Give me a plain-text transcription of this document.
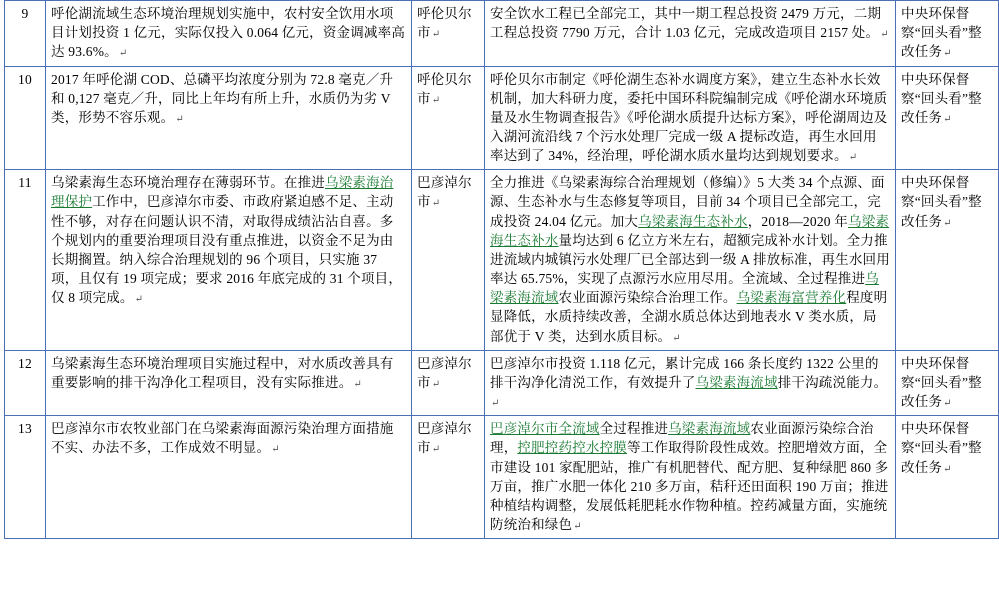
9	呼伦湖流域生态环境治理规划实施中，农村安全饮用水项目计划投资 1 亿元，实际仅投入 0.064 亿元，资金调减率高达 93.6%。 ↵	呼伦贝尔市 ↵	安全饮水工程已全部完工，其中一期工程总投资 2479 万元，二期工程总投资 7790 万元，合计 1.03 亿元，完成改造项目 2157 处。 ↵	中央环保督察“回头看”整改任务 ↵

10	2017 年呼伦湖 COD、总磷平均浓度分别为 72.8 毫克／升和 0,127 毫克／升，同比上年均有所上升，水质仍为劣 V 类，形势不容乐观。 ↵	呼伦贝尔市 ↵	呼伦贝尔市制定《呼伦湖生态补水调度方案》，建立生态补水长效机制，加大科研力度，委托中国环科院编制完成《呼伦湖水环境质量及水生物调查报告》《呼伦湖水质提升达标方案》，呼伦湖周边及入湖河流沿线 7 个污水处理厂完成一级 A 提标改造，再生水回用率达到了 34%，经治理，呼伦湖水质水量均达到规划要求。 ↵	中央环保督察“回头看”整改任务 ↵

11	乌梁素海生态环境治理存在薄弱环节。在推进乌梁素海治理保护工作中，巴彦淖尔市委、市政府紧迫感不足、主动性不够，对存在问题认识不清，对取得成绩沾沾自喜。多个规划内的重要治理项目没有重点推进，以资金不足为由长期搁置。纳入综合治理规划的 96 个项目，只实施 37 项，且仅有 19 项完成；要求 2016 年底完成的 31 个项目，仅 8 项完成。 ↵	巴彦淖尔市 ↵	全力推进《乌梁素海综合治理规划（修编）》5 大类 34 个点源、面源、生态补水与生态修复等项目，目前 34 个项目已全部完工，完成投资 24.04 亿元。加大乌梁素海生态补水，2018—2020 年乌梁素海生态补水量均达到 6 亿立方米左右，超额完成补水计划。全力推进流域内城镇污水处理厂已全部达到一级 A 排放标准，再生水回用率达 65.75%，实现了点源污水应用尽用。全流域、全过程推进乌梁素海流域农业面源污染综合治理工作。乌梁素海富营养化程度明显降低，水质持续改善，全湖水质总体达到地表水 V 类水质，局部优于 V 类，达到水质目标。 ↵	中央环保督察“回头看”整改任务 ↵

12	乌梁素海生态环境治理项目实施过程中，对水质改善具有重要影响的排干沟净化工程项目，没有实际推进。 ↵	巴彦淖尔市 ↵	巴彦淖尔市投资 1.118 亿元，累计完成 166 条长度约 1322 公里的排干沟净化清涚工作，有效提升了乌梁素海流域排干沟疏涚能力。 ↵	中央环保督察“回头看”整改任务 ↵

13	巴彦淖尔市农牧业部门在乌梁素海面源污染治理方面措施不实、办法不多，工作成效不明显。 ↵	巴彦淖尔市 ↵	巴彦淖尔市全流域全过程推进乌梁素海流域农业面源污染综合治理，控肥控药控水控膜等工作取得阶段性成效。控肥增效方面，全市建设 101 家配肥站，推广有机肥替代、配方肥、复种绿肥 860 多万亩，推广水肥一体化 210 多万亩，秸秆还田面积 190 万亩；推进种植结构调整，发展低耗肥耗水作物种植。控药减量方面，实施统防统治和绿色 ↵	中央环保督察“回头看”整改任务 ↵
